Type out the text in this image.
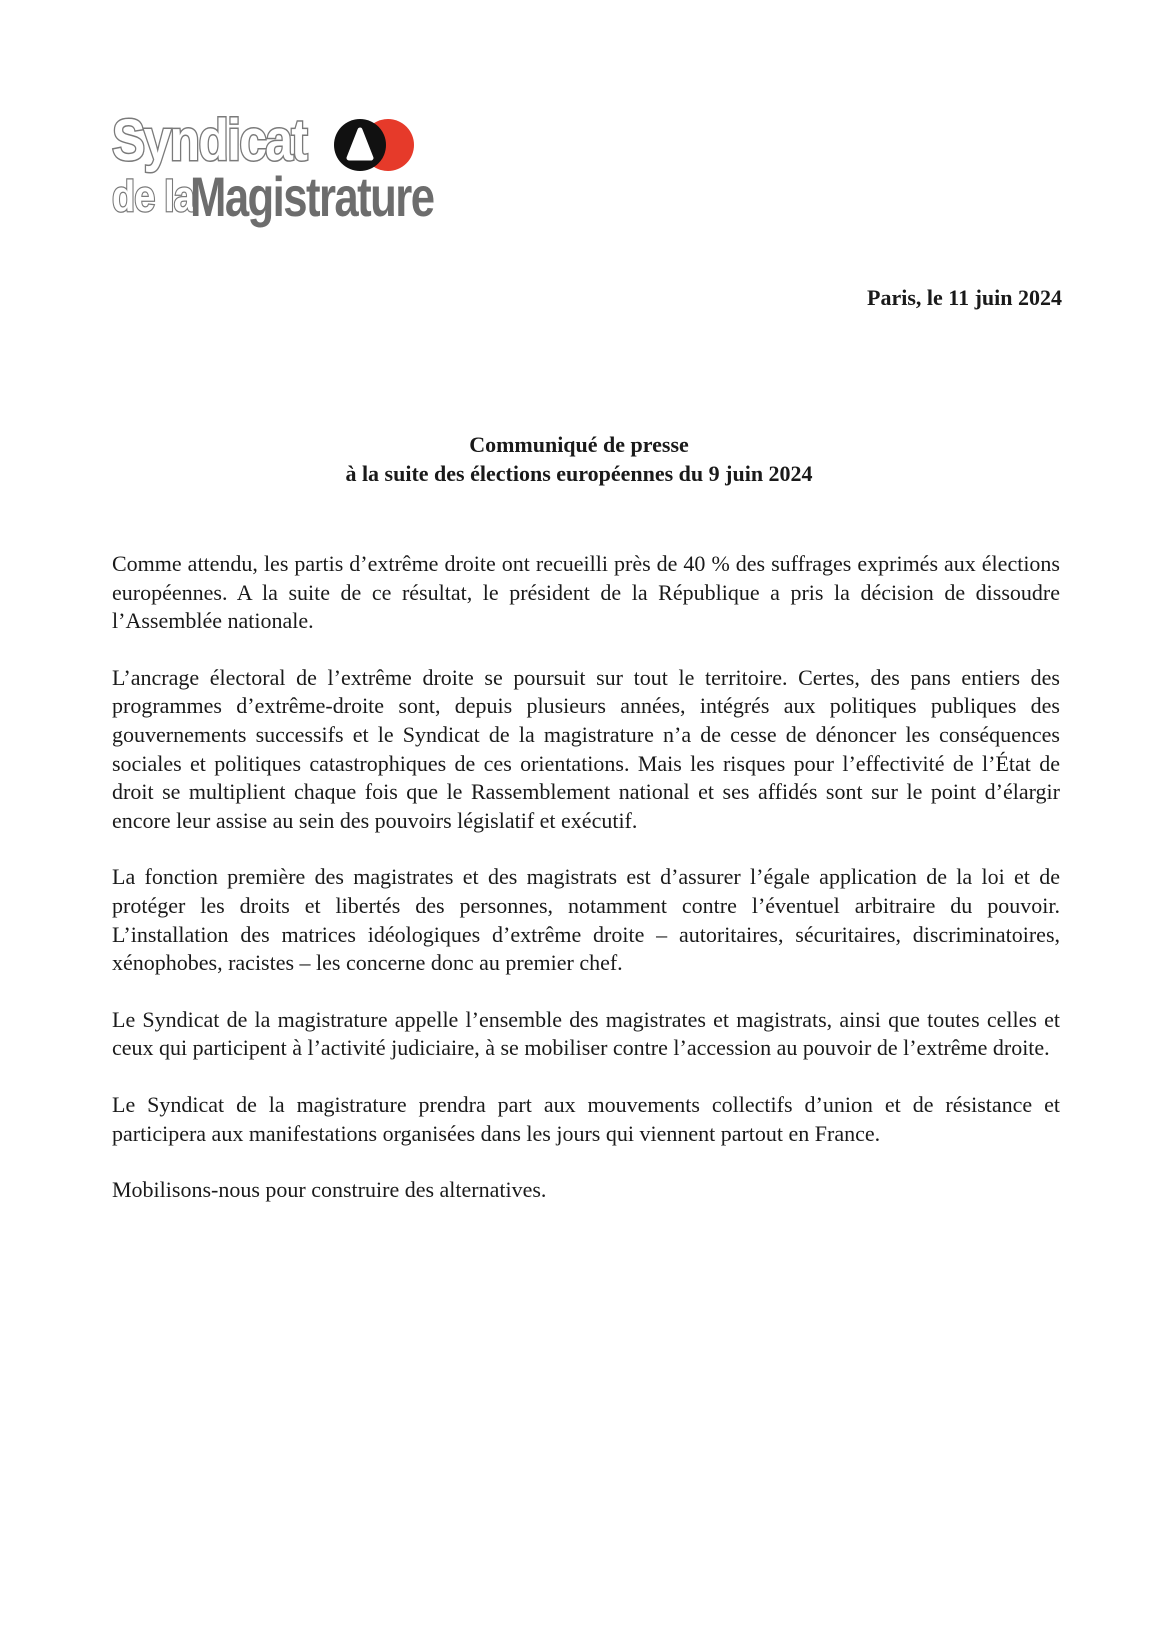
Syndicat
de la
Magistrature
Paris, le 11 juin 2024
Communiqué de presse
à la suite des élections européennes du 9 juin 2024

Comme attendu, les partis d’extrême droite ont recueilli près de 40 % des suffrages exprimés aux élections européennes. A la suite de ce résultat, le président de la République a pris la décision de dissoudre l’Assemblée nationale.

L’ancrage électoral de l’extrême droite se poursuit sur tout le territoire. Certes, des pans entiers des programmes d’extrême-droite sont, depuis plusieurs années, intégrés aux politiques publiques des gouvernements successifs et le Syndicat de la magistrature n’a de cesse de dénoncer les conséquences sociales et politiques catastrophiques de ces orientations. Mais les risques pour l’effectivité de l’État de droit se multiplient chaque fois que le Rassemblement national et ses affidés sont sur le point d’élargir encore leur assise au sein des pouvoirs législatif et exécutif.

La fonction première des magistrates et des magistrats est d’assurer l’égale application de la loi et de protéger les droits et libertés des personnes, notamment contre l’éventuel arbitraire du pouvoir. L’installation des matrices idéologiques d’extrême droite – autoritaires, sécuritaires, discriminatoires, xénophobes, racistes – les concerne donc au premier chef.

Le Syndicat de la magistrature appelle l’ensemble des magistrates et magistrats, ainsi que toutes celles et ceux qui participent à l’activité judiciaire, à se mobiliser contre l’accession au pouvoir de l’extrême droite.

Le Syndicat de la magistrature prendra part aux mouvements collectifs d’union et de résistance et participera aux manifestations organisées dans les jours qui viennent partout en France.

Mobilisons-nous pour construire des alternatives.
